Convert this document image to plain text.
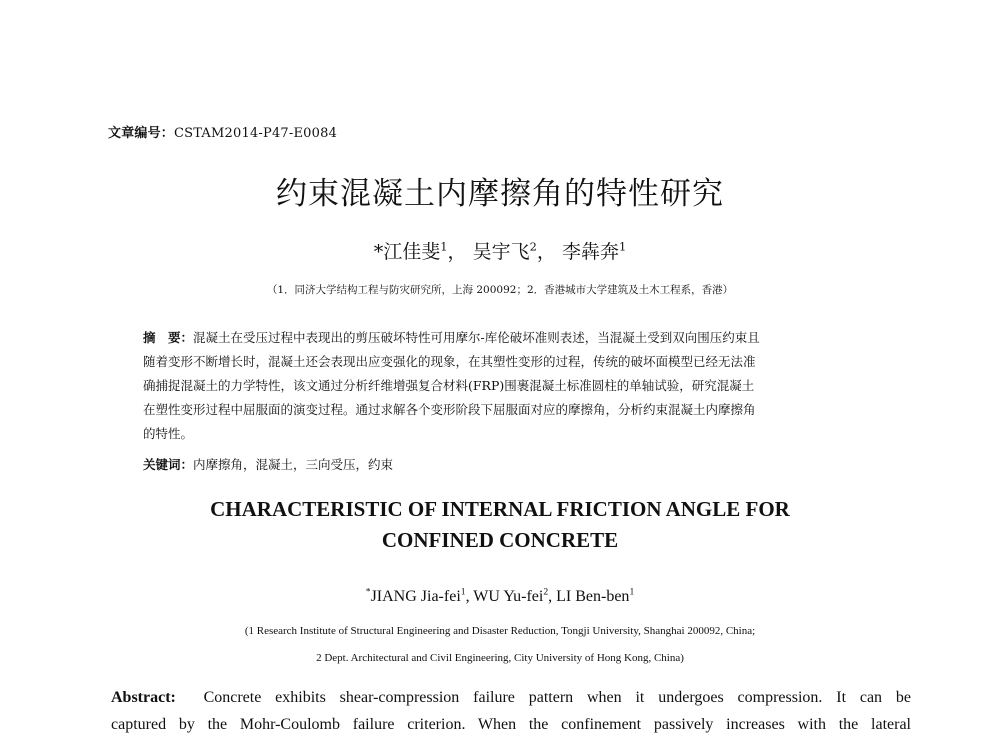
文章编号：CSTAM2014-P47-E0084
约束混凝土内摩擦角的特性研究
*江佳斐$^1$， 吴宇飞$^2$， 李犇奔$^1$
（1．同济大学结构工程与防灾研究所，上海 200092；2．香港城市大学建筑及土木工程系，香港）
摘　要：混凝土在受压过程中表现出的剪压破坏特性可用摩尔-库伦破坏准则表述，当混凝土受到双向围压约束且
随着变形不断增长时，混凝土还会表现出应变强化的现象，在其塑性变形的过程，传统的破坏面模型已经无法准
确捕捉混凝土的力学特性，该文通过分析纤维增强复合材料(FRP)围裹混凝土标准圆柱的单轴试验，研究混凝土
在塑性变形过程中屈服面的演变过程。通过求解各个变形阶段下屈服面对应的摩擦角，分析约束混凝土内摩擦角
的特性。
关键词：内摩擦角，混凝土，三向受压，约束
CHARACTERISTIC OF INTERNAL FRICTION ANGLE FOR
CONFINED CONCRETE
*JIANG Jia-fei$^1$, WU Yu-fei$^2$, LI Ben-ben$^1$
(1 Research Institute of Structural Engineering and Disaster Reduction, Tongji University, Shanghai 200092, China;
2 Dept. Architectural and Civil Engineering, City University of Hong Kong, China)
Abstract: Concrete exhibits shear-compression failure pattern when it undergoes compression. It can be
captured by the Mohr-Coulomb failure criterion. When the confinement passively increases with the lateral
